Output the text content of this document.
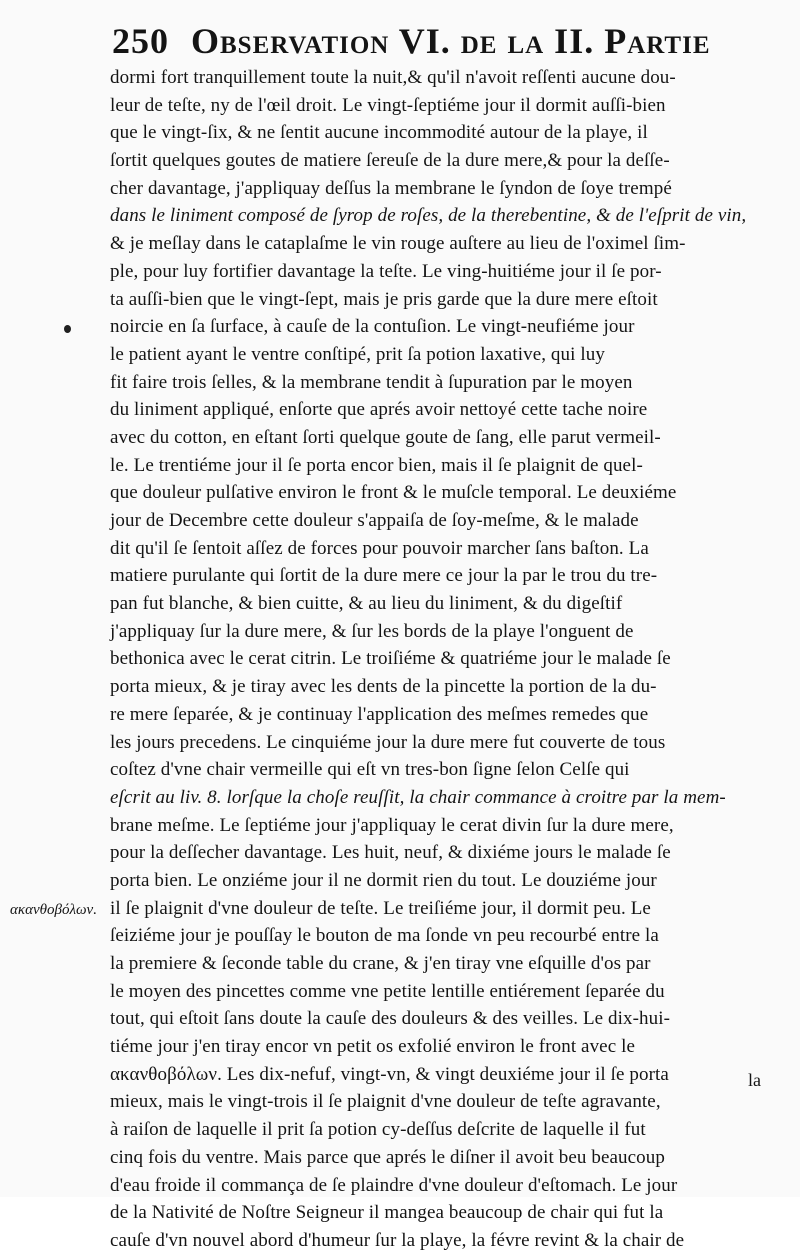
250 Observation VI. de la II. Partie
dormi fort tranquillement toute la nuit,& qu'il n'avoit reſſenti aucune dou-
leur de teſte, ny de l'œil droit. Le vingt-ſeptiéme jour il dormit auſſi-bien
que le vingt-ſix, & ne ſentit aucune incommodité autour de la playe, il
ſortit quelques goutes de matiere ſereuſe de la dure mere,& pour la deſſe-
cher davantage, j'appliquay deſſus la membrane le ſyndon de ſoye trempé
dans le liniment composé de ſyrop de roſes, de la therebentine, & de l'eſprit de vin,
& je meſlay dans le cataplaſme le vin rouge auſtere au lieu de l'oximel ſim-
ple, pour luy fortifier davantage la teſte. Le ving-huitiéme jour il ſe por-
ta auſſi-bien que le vingt-ſept, mais je pris garde que la dure mere eſtoit
noircie en ſa ſurface, à cauſe de la contuſion. Le vingt-neufiéme jour
le patient ayant le ventre conſtipé, prit ſa potion laxative, qui luy
fit faire trois ſelles, & la membrane tendit à ſupuration par le moyen
du liniment appliqué, enſorte que aprés avoir nettoyé cette tache noire
avec du cotton, en eſtant ſorti quelque goute de ſang, elle parut vermeil-
le. Le trentiéme jour il ſe porta encor bien, mais il ſe plaignit de quel-
que douleur pulſative environ le front & le muſcle temporal. Le deuxiéme
jour de Decembre cette douleur s'appaiſa de ſoy-meſme, & le malade
dit qu'il ſe ſentoit aſſez de forces pour pouvoir marcher ſans baſton. La
matiere purulante qui ſortit de la dure mere ce jour la par le trou du tre-
pan fut blanche, & bien cuitte, & au lieu du liniment, & du digeſtif
j'appliquay ſur la dure mere, & ſur les bords de la playe l'onguent de
bethonica avec le cerat citrin. Le troiſiéme & quatriéme jour le malade ſe
porta mieux, & je tiray avec les dents de la pincette la portion de la du-
re mere ſeparée, & je continuay l'application des meſmes remedes que
les jours precedens. Le cinquiéme jour la dure mere fut couverte de tous
coſtez d'vne chair vermeille qui eſt vn tres-bon ſigne ſelon Celſe qui
eſcrit au liv. 8. lorſque la choſe reuſſit, la chair commance à croitre par la mem-
brane meſme. Le ſeptiéme jour j'appliquay le cerat divin ſur la dure mere,
pour la deſſecher davantage. Les huit, neuf, & dixiéme jours le malade ſe
porta bien. Le onziéme jour il ne dormit rien du tout. Le douziéme jour
il ſe plaignit d'vne douleur de teſte. Le treiſiéme jour, il dormit peu. Le
ſeiziéme jour je pouſſay le bouton de ma ſonde vn peu recourbé entre la
la premiere & ſeconde table du crane, & j'en tiray vne eſquille d'os par
le moyen des pincettes comme vne petite lentille entiérement ſeparée du
tout, qui eſtoit ſans doute la cauſe des douleurs & des veilles. Le dix-hui-
tiéme jour j'en tiray encor vn petit os exfolié environ le front avec le
ακανθοβόλων. Les dix-nefuf, vingt-vn, & vingt deuxiéme jour il ſe porta
mieux, mais le vingt-trois il ſe plaignit d'vne douleur de teſte agravante,
à raiſon de laquelle il prit ſa potion cy-deſſus deſcrite de laquelle il fut
cinq fois du ventre. Mais parce que aprés le diſner il avoit beu beaucoup
d'eau froide il commança de ſe plaindre d'vne douleur d'eſtomach. Le jour
de la Nativité de Noſtre Seigneur il mangea beaucoup de chair qui fut la
cauſe d'vn nouvel abord d'humeur ſur la playe, la févre revint & la chair de
ακανθοβόλων.
la
